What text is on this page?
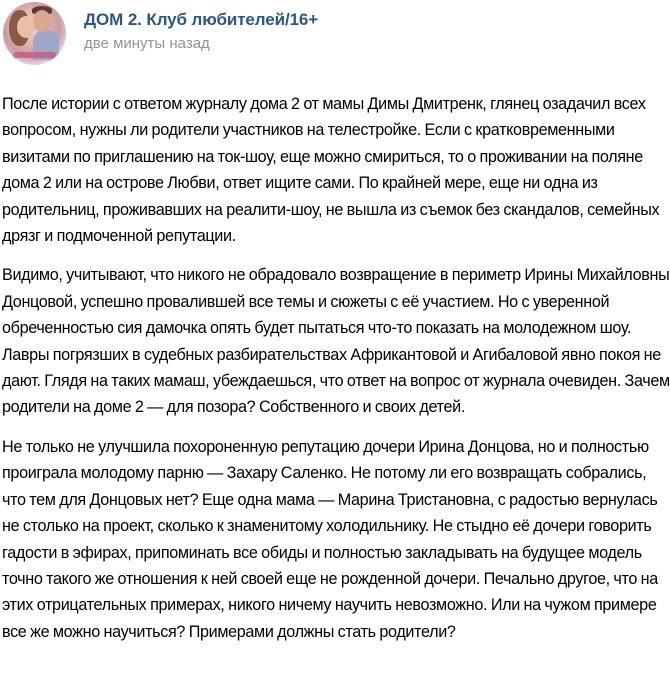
ДОМ 2. Клуб любителей/16+
две минуты назад

После истории с ответом журналу дома 2 от мамы Димы Дмитренк, глянец озадачил всех вопросом, нужны ли родители участников на телестройке. Если с кратковременными визитами по приглашению на ток-шоу, еще можно смириться, то о проживании на поляне дома 2 или на острове Любви, ответ ищите сами. По крайней мере, еще ни одна из родительниц, проживавших на реалити-шоу, не вышла из съемок без скандалов, семейных дрязг и подмоченной репутации.

Видимо, учитывают, что никого не обрадовало возвращение в периметр Ирины Михайловны Донцовой, успешно провалившей все темы и сюжеты с её участием. Но с уверенной обреченностью сия дамочка опять будет пытаться что-то показать на молодежном шоу. Лавры погрязших в судебных разбирательствах Африкантовой и Агибаловой явно покоя не дают. Глядя на таких мамаш, убеждаешься, что ответ на вопрос от журнала очевиден. Зачем родители на доме 2 — для позора? Собственного и своих детей.

Не только не улучшила похороненную репутацию дочери Ирина Донцова, но и полностью проиграла молодому парню — Захару Саленко. Не потому ли его возвращать собрались, что тем для Донцовых нет? Еще одна мама — Марина Тристановна, с радостью вернулась не столько на проект, сколько к знаменитому холодильнику. Не стыдно её дочери говорить гадости в эфирах, припоминать все обиды и полностью закладывать на будущее модель точно такого же отношения к ней своей еще не рожденной дочери. Печально другое, что на этих отрицательных примерах, никого ничему научить невозможно. Или на чужом примере все же можно научиться? Примерами должны стать родители?
